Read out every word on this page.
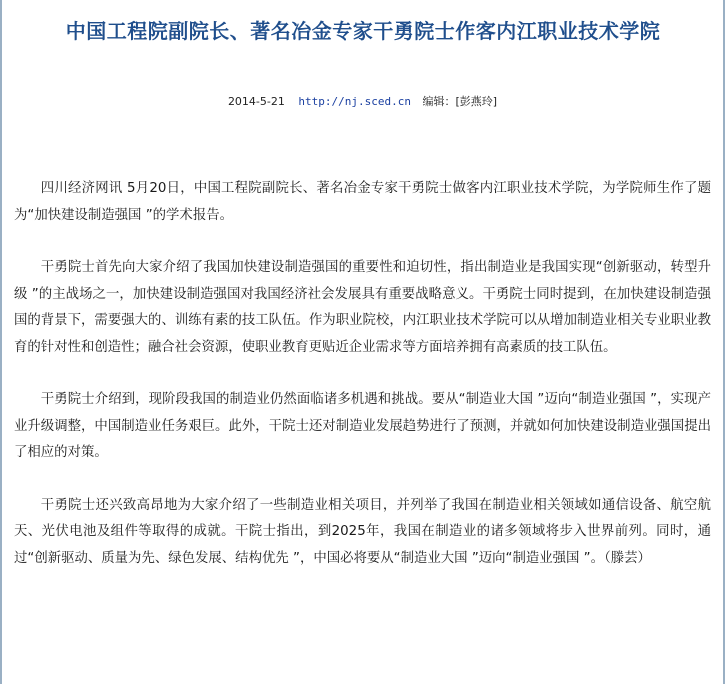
中国工程院副院长、著名冶金专家干勇院士作客内江职业技术学院
2014-5-21 http://nj.sced.cn 编辑：[彭燕玲]

四川经济网讯 5月20日，中国工程院副院长、著名冶金专家干勇院士做客内江职业技术学院，为学院师生作了题为“加快建设制造强国 ”的学术报告。

干勇院士首先向大家介绍了我国加快建设制造强国的重要性和迫切性，指出制造业是我国实现“创新驱动，转型升级 ”的主战场之一，加快建设制造强国对我国经济社会发展具有重要战略意义。干勇院士同时提到，在加快建设制造强国的背景下，需要强大的、训练有素的技工队伍。作为职业院校，内江职业技术学院可以从增加制造业相关专业职业教育的针对性和创造性；融合社会资源，使职业教育更贴近企业需求等方面培养拥有高素质的技工队伍。

干勇院士介绍到，现阶段我国的制造业仍然面临诸多机遇和挑战。要从“制造业大国 ”迈向“制造业强国 ”，实现产业升级调整，中国制造业任务艰巨。此外，干院士还对制造业发展趋势进行了预测，并就如何加快建设制造业强国提出了相应的对策。

干勇院士还兴致高昂地为大家介绍了一些制造业相关项目，并列举了我国在制造业相关领域如通信设备、航空航天、光伏电池及组件等取得的成就。干院士指出，到2025年，我国在制造业的诸多领域将步入世界前列。同时，通过“创新驱动、质量为先、绿色发展、结构优先 ”，中国必将要从“制造业大国 ”迈向“制造业强国 ”。（滕芸）
